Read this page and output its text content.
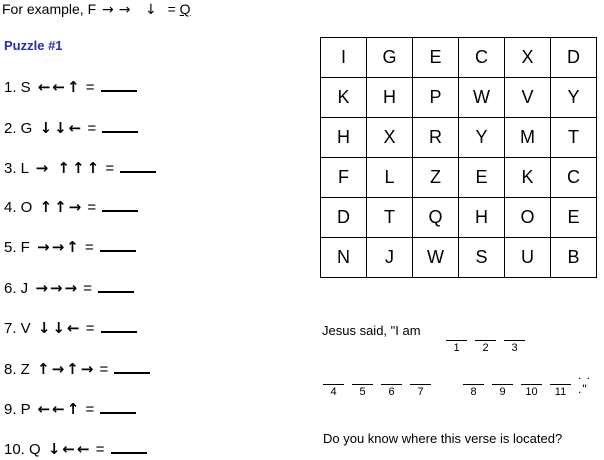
For example, F →→ ↓ = Q
Puzzle #1
1. S ←←↑ =
2. G ↓↓← =
3. L → ↑↑↑ =
4. O ↑↑→ =
5. F →→↑ =
6. J →→→ =
7. V ↓↓← =
8. Z ↑→↑→ =
9. P ←←↑ =
10. Q ↓←← =
I	G	E	C	X	D
K	H	P	W	V	Y
H	X	R	Y	M	T
F	L	Z	E	K	C
D	T	Q	H	O	E
N	J	W	S	U	B
Jesus said, "I am
1	2	3
4	5	6	7	8	9	10	11
. . ."
Do you know where this verse is located?
